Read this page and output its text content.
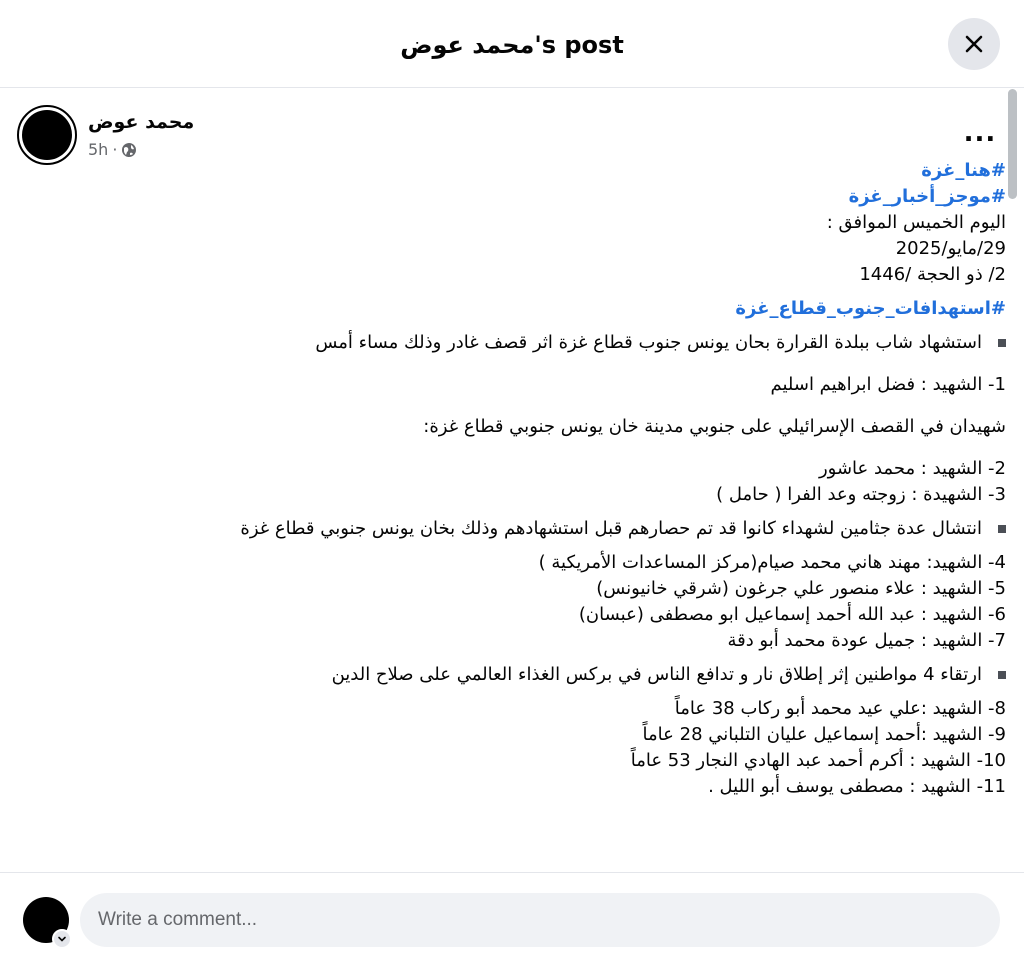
محمد عوض's post
محمد عوض
5h ·
...
#هنا_غزة
#موجز_أخبار_غزة
اليوم الخميس الموافق :
29/مايو/2025
2/ ذو الحجة /1446
#استهدافات_جنوب_قطاع_غزة
استشهاد شاب ببلدة القرارة بحان يونس جنوب قطاع غزة اثر قصف غادر وذلك مساء أمس
1- الشهيد : فضل ابراهيم اسليم
شهيدان في القصف الإسرائيلي على جنوبي مدينة خان يونس جنوبي قطاع غزة:
2- الشهيد : محمد عاشور
3- الشهيدة : زوجته وعد الفرا ( حامل )
انتشال عدة جثامين لشهداء كانوا قد تم حصارهم قبل استشهادهم وذلك بخان يونس جنوبي قطاع غزة
4- الشهيد: مهند هاني محمد صيام(مركز المساعدات الأمريكية )
5- الشهيد : علاء منصور علي جرغون (شرقي خانيونس)
6- الشهيد : عبد الله أحمد إسماعيل ابو مصطفى (عبسان)
7- الشهيد : جميل عودة محمد أبو دقة
ارتقاء 4 مواطنين إثر إطلاق نار و تدافع الناس في بركس الغذاء العالمي على صلاح الدين
8- الشهيد :علي عيد محمد أبو ركاب 38 عاماً
9- الشهيد :أحمد إسماعيل عليان التلباني 28 عاماً
10- الشهيد : أكرم أحمد عبد الهادي النجار 53 عاماً
11- الشهيد : مصطفى يوسف أبو الليل .
Write a comment...
